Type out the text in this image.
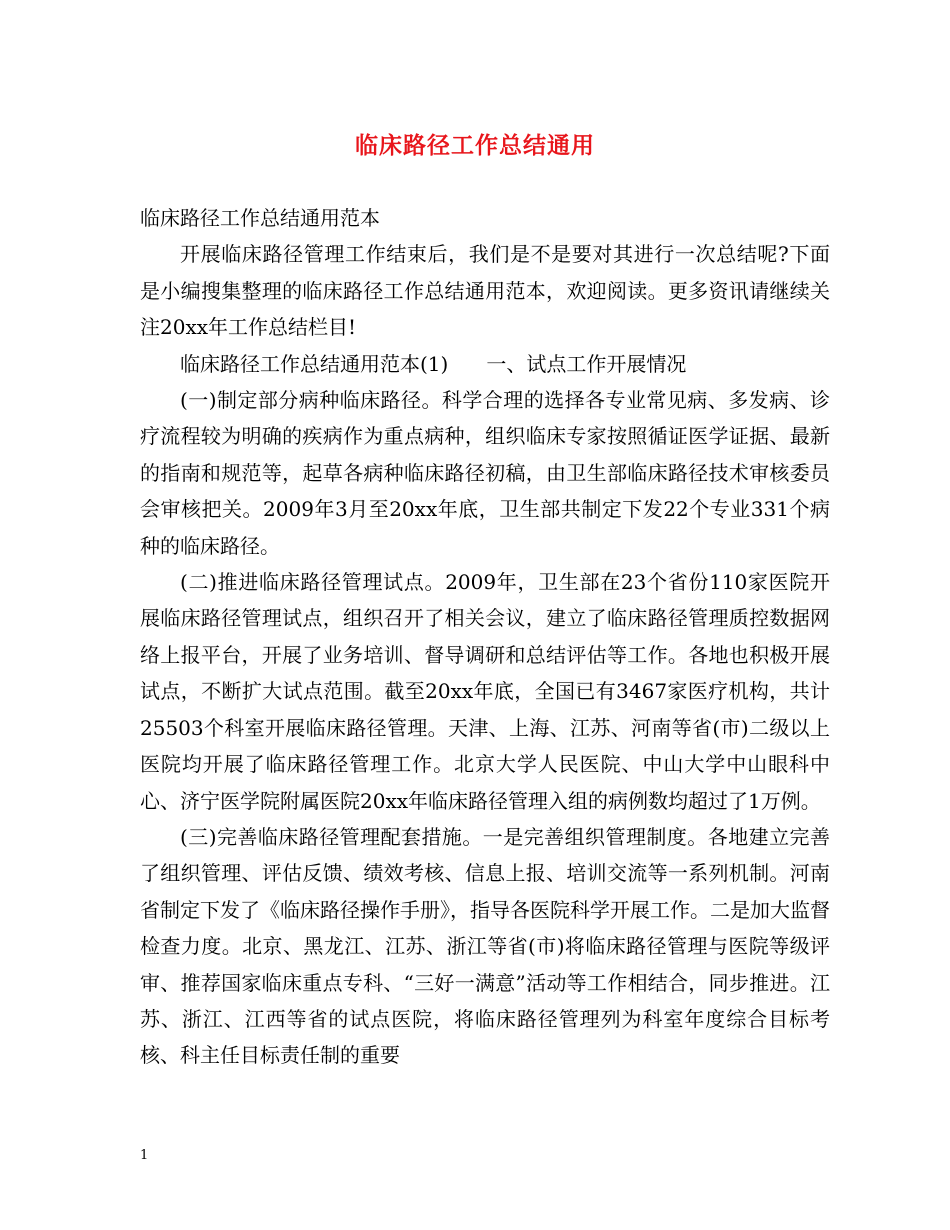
临床路径工作总结通用

临床路径工作总结通用范本

开展临床路径管理工作结束后，我们是不是要对其进行一次总结呢?下面是小编搜集整理的临床路径工作总结通用范本，欢迎阅读。更多资讯请继续关注20xx年工作总结栏目!

临床路径工作总结通用范本(1) 一、试点工作开展情况

(一)制定部分病种临床路径。科学合理的选择各专业常见病、多发病、诊疗流程较为明确的疾病作为重点病种，组织临床专家按照循证医学证据、最新的指南和规范等，起草各病种临床路径初稿，由卫生部临床路径技术审核委员会审核把关。2009年3月至20xx年底，卫生部共制定下发22个专业331个病种的临床路径。

(二)推进临床路径管理试点。2009年，卫生部在23个省份110家医院开展临床路径管理试点，组织召开了相关会议，建立了临床路径管理质控数据网络上报平台，开展了业务培训、督导调研和总结评估等工作。各地也积极开展试点，不断扩大试点范围。截至20xx年底，全国已有3467家医疗机构，共计25503个科室开展临床路径管理。天津、上海、江苏、河南等省(市)二级以上医院均开展了临床路径管理工作。北京大学人民医院、中山大学中山眼科中心、济宁医学院附属医院20xx年临床路径管理入组的病例数均超过了1万例。

(三)完善临床路径管理配套措施。一是完善组织管理制度。各地建立完善了组织管理、评估反馈、绩效考核、信息上报、培训交流等一系列机制。河南省制定下发了《临床路径操作手册》，指导各医院科学开展工作。二是加大监督检查力度。北京、黑龙江、江苏、浙江等省(市)将临床路径管理与医院等级评审、推荐国家临床重点专科、“三好一满意”活动等工作相结合，同步推进。江苏、浙江、江西等省的试点医院，将临床路径管理列为科室年度综合目标考核、科主任目标责任制的重要

1
